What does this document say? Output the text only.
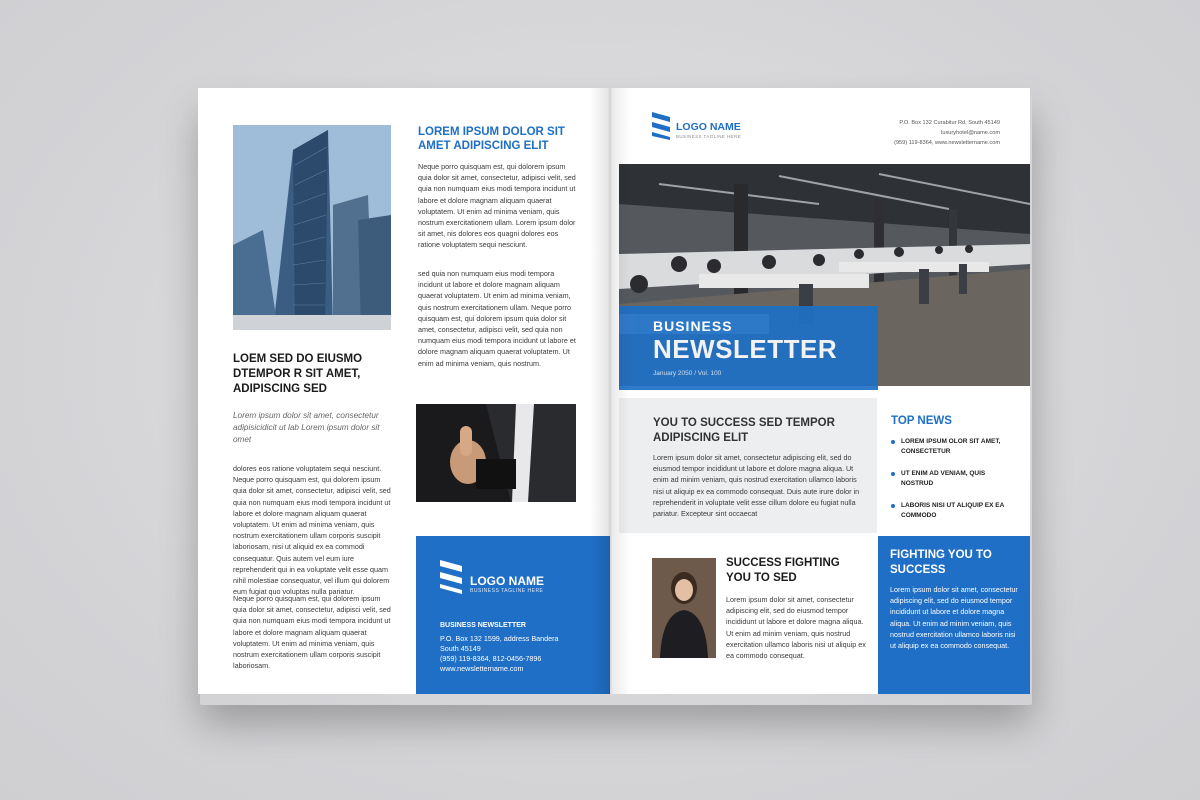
LOREM IPSUM DOLOR SIT AMET ADIPISCING ELIT
Neque porro quisquam est, qui dolorem ipsum quia dolor sit amet, consectetur, adipisci velit, sed quia non numquam eius modi tempora incidunt ut labore et dolore magnam aliquam quaerat voluptatem. Ut enim ad minima veniam, quis nostrum exercitationem ullam. Lorem ipsum dolor sit amet, nis dolores eos quagni dolores eos ratione voluptatem sequi nesciunt.
sed quia non numquam eius modi tempora incidunt ut labore et dolore magnam aliquam quaerat voluptatem. Ut enim ad minima veniam, quis nostrum exercitationem ullam. Neque porro quisquam est, qui dolorem ipsum quia dolor sit amet, consectetur, adipisci velit, sed quia non numquam eius modi tempora incidunt ut labore et dolore magnam aliquam quaerat voluptatem. Ut enim ad minima veniam, quis nostrum.
LOEM SED DO EIUSMO DTEMPOR R SIT AMET, ADIPISCING SED
Lorem ipsum dolor sit amet, consectetur adipisicidicit ut lab Lorem ipsum dolor sit omet
dolores eos ratione voluptatem sequi nesciunt. Neque porro quisquam est, qui dolorem ipsum quia dolor sit amet, consectetur, adipisci velit, sed quia non numquam eius modi tempora incidunt ut labore et dolore magnam aliquam quaerat voluptatem. Ut enim ad minima veniam, quis nostrum exercitationem ullam corporis suscipit laboriosam, nisi ut aliquid ex ea commodi consequatur. Quis autem vel eum iure reprehenderit qui in ea voluptate velit esse quam nihil molestiae consequatur, vel illum qui dolorem eum fugiat quo voluptas nulla pariatur.
Neque porro quisquam est, qui dolorem ipsum quia dolor sit amet, consectetur, adipisci velit, sed quia non numquam eius modi tempora incidunt ut labore et dolore magnam aliquam quaerat voluptatem. Ut enim ad minima veniam, quis nostrum exercitationem ullam corporis suscipit laboriosam.
LOGO NAME
BUSINESS TAGLINE HERE
BUSINESS NEWSLETTER
P.O. Box 132 1599, address Bandera
South 45149
(959) 119-8364, 812-0456-7896
www.newslettername.com
LOGO NAME
BUSINESS TAGLINE HERE
P.O. Box 132 Curabitur Rd. South 45149
luxuryhotel@name.com
(959) 119-8364, www.newslettername.com
BUSINESS
NEWSLETTER
January 2050 / Vol. 100
YOU TO SUCCESS SED TEMPOR ADIPISCING ELIT
Lorem ipsum dolor sit amet, consectetur adipiscing elit, sed do eiusmod tempor incididunt ut labore et dolore magna aliqua. Ut enim ad minim veniam, quis nostrud exercitation ullamco laboris nisi ut aliquip ex ea commodo consequat. Duis aute irure dolor in reprehenderit in voluptate velit esse cillum dolore eu fugiat nulla pariatur. Excepteur sint occaecat
TOP NEWS
LOREM IPSUM OLOR SIT AMET, CONSECTETUR
UT ENIM AD VENIAM, QUIS NOSTRUD
LABORIS NISI UT ALIQUIP EX EA COMMODO
SUCCESS FIGHTING YOU TO SED
Lorem ipsum dolor sit amet, consectetur adipiscing elit, sed do eiusmod tempor incididunt ut labore et dolore magna aliqua. Ut enim ad minim veniam, quis nostrud exercitation ullamco laboris nisi ut aliquip ex ea commodo consequat.
FIGHTING YOU TO SUCCESS
Lorem ipsum dolor sit amet, consectetur adipiscing elit, sed do eiusmod tempor incididunt ut labore et dolore magna aliqua. Ut enim ad minim veniam, quis nostrud exercitation ullamco laboris nisi ut aliquip ex ea commodo consequat.
